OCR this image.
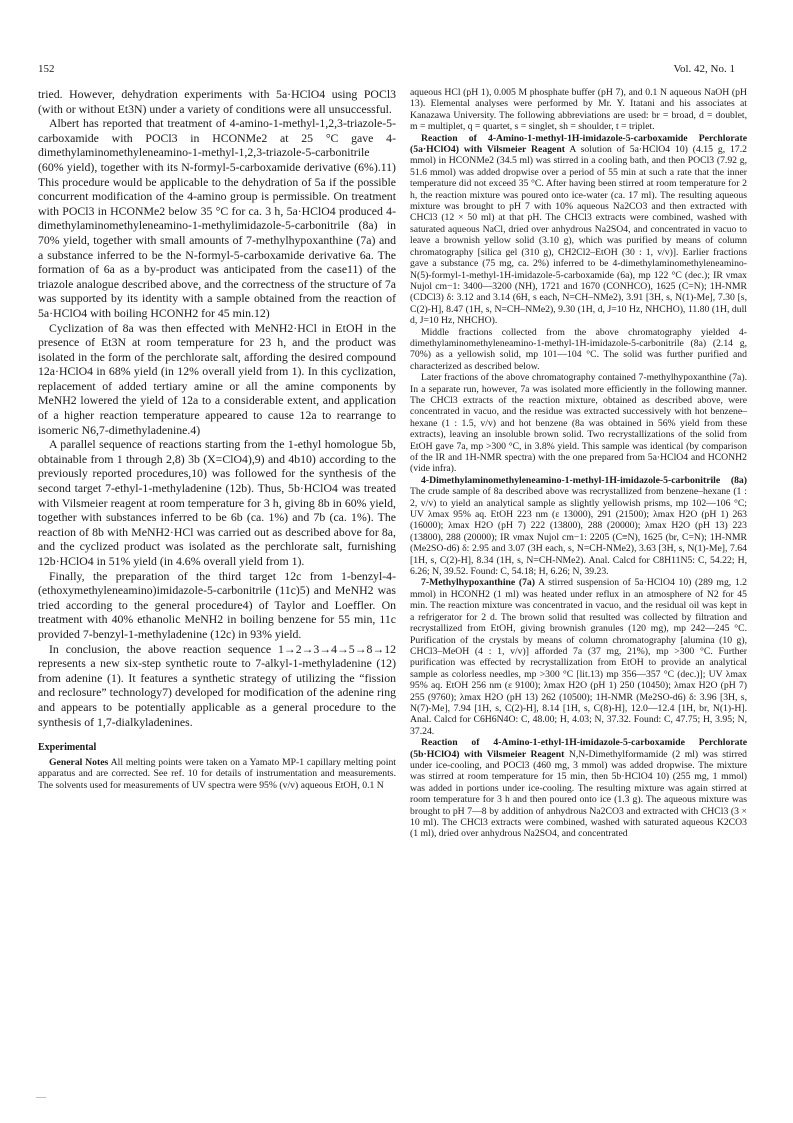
152	Vol. 42, No. 1

tried. However, dehydration experiments with 5a·HClO4 using POCl3 (with or without Et3N) under a variety of conditions were all unsuccessful.

Albert has reported that treatment of 4-amino-1-methyl-1,2,3-triazole-5-carboxamide with POCl3 in HCONMe2 at 25 °C gave 4-dimethylaminomethyleneamino-1-methyl-1,2,3-triazole-5-carbonitrile (60% yield), together with its N-formyl-5-carboxamide derivative (6%).11) This procedure would be applicable to the dehydration of 5a if the possible concurrent modification of the 4-amino group is permissible. On treatment with POCl3 in HCONMe2 below 35 °C for ca. 3 h, 5a·HClO4 produced 4-dimethylaminomethyleneamino-1-methylimidazole-5-carbonitrile (8a) in 70% yield, together with small amounts of 7-methylhypoxanthine (7a) and a substance inferred to be the N-formyl-5-carboxamide derivative 6a. The formation of 6a as a by-product was anticipated from the case11) of the triazole analogue described above, and the correctness of the structure of 7a was supported by its identity with a sample obtained from the reaction of 5a·HClO4 with boiling HCONH2 for 45 min.12)

Cyclization of 8a was then effected with MeNH2·HCl in EtOH in the presence of Et3N at room temperature for 23 h, and the product was isolated in the form of the perchlorate salt, affording the desired compound 12a·HClO4 in 68% yield (in 12% overall yield from 1). In this cyclization, replacement of added tertiary amine or all the amine components by MeNH2 lowered the yield of 12a to a considerable extent, and application of a higher reaction temperature appeared to cause 12a to rearrange to isomeric N6,7-dimethyladenine.4)

A parallel sequence of reactions starting from the 1-ethyl homologue 5b, obtainable from 1 through 2,8) 3b (X=ClO4),9) and 4b10) according to the previously reported procedures,10) was followed for the synthesis of the second target 7-ethyl-1-methyladenine (12b). Thus, 5b·HClO4 was treated with Vilsmeier reagent at room temperature for 3 h, giving 8b in 60% yield, together with substances inferred to be 6b (ca. 1%) and 7b (ca. 1%). The reaction of 8b with MeNH2·HCl was carried out as described above for 8a, and the cyclized product was isolated as the perchlorate salt, furnishing 12b·HClO4 in 51% yield (in 4.6% overall yield from 1).

Finally, the preparation of the third target 12c from 1-benzyl-4-(ethoxymethyleneamino)imidazole-5-carbonitrile (11c)5) and MeNH2 was tried according to the general procedure4) of Taylor and Loeffler. On treatment with 40% ethanolic MeNH2 in boiling benzene for 55 min, 11c provided 7-benzyl-1-methyladenine (12c) in 93% yield.

In conclusion, the above reaction sequence 1→2→3→4→5→8→12 represents a new six-step synthetic route to 7-alkyl-1-methyladenine (12) from adenine (1). It features a synthetic strategy of utilizing the “fission and reclosure” technology7) developed for modification of the adenine ring and appears to be potentially applicable as a general procedure to the synthesis of 1,7-dialkyladenines.

Experimental

General Notes All melting points were taken on a Yamato MP-1 capillary melting point apparatus and are corrected. See ref. 10 for details of instrumentation and measurements. The solvents used for measurements of UV spectra were 95% (v/v) aqueous EtOH, 0.1 N

aqueous HCl (pH 1), 0.005 M phosphate buffer (pH 7), and 0.1 N aqueous NaOH (pH 13). Elemental analyses were performed by Mr. Y. Itatani and his associates at Kanazawa University. The following abbreviations are used: br = broad, d = doublet, m = multiplet, q = quartet, s = singlet, sh = shoulder, t = triplet.

Reaction of 4-Amino-1-methyl-1H-imidazole-5-carboxamide Perchlorate (5a·HClO4) with Vilsmeier Reagent A solution of 5a·HClO4 10) (4.15 g, 17.2 mmol) in HCONMe2 (34.5 ml) was stirred in a cooling bath, and then POCl3 (7.92 g, 51.6 mmol) was added dropwise over a period of 55 min at such a rate that the inner temperature did not exceed 35 °C. After having been stirred at room temperature for 2 h, the reaction mixture was poured onto ice-water (ca. 17 ml). The resulting aqueous mixture was brought to pH 7 with 10% aqueous Na2CO3 and then extracted with CHCl3 (12 × 50 ml) at that pH. The CHCl3 extracts were combined, washed with saturated aqueous NaCl, dried over anhydrous Na2SO4, and concentrated in vacuo to leave a brownish yellow solid (3.10 g), which was purified by means of column chromatography [silica gel (310 g), CH2Cl2–EtOH (30 : 1, v/v)]. Earlier fractions gave a substance (75 mg, ca. 2%) inferred to be 4-dimethylaminomethyleneamino-N(5)-formyl-1-methyl-1H-imidazole-5-carboxamide (6a), mp 122 °C (dec.); IR νmax Nujol cm−1: 3400—3200 (NH), 1721 and 1670 (CONHCO), 1625 (C=N); 1H-NMR (CDCl3) δ: 3.12 and 3.14 (6H, s each, N=CH–NMe2), 3.91 [3H, s, N(1)-Me], 7.30 [s, C(2)-H], 8.47 (1H, s, N=CH–NMe2), 9.30 (1H, d, J=10 Hz, NHCHO), 11.80 (1H, dull d, J=10 Hz, NHCHO).

Middle fractions collected from the above chromatography yielded 4-dimethylaminomethyleneamino-1-methyl-1H-imidazole-5-carbonitrile (8a) (2.14 g, 70%) as a yellowish solid, mp 101—104 °C. The solid was further purified and characterized as described below.

Later fractions of the above chromatography contained 7-methylhypoxanthine (7a). In a separate run, however, 7a was isolated more efficiently in the following manner. The CHCl3 extracts of the reaction mixture, obtained as described above, were concentrated in vacuo, and the residue was extracted successively with hot benzene–hexane (1 : 1.5, v/v) and hot benzene (8a was obtained in 56% yield from these extracts), leaving an insoluble brown solid. Two recrystallizations of the solid from EtOH gave 7a, mp >300 °C, in 3.8% yield. This sample was identical (by comparison of the IR and 1H-NMR spectra) with the one prepared from 5a·HClO4 and HCONH2 (vide infra).

4-Dimethylaminomethyleneamino-1-methyl-1H-imidazole-5-carbonitrile (8a) The crude sample of 8a described above was recrystallized from benzene–hexane (1 : 2, v/v) to yield an analytical sample as slightly yellowish prisms, mp 102—106 °C; UV λmax 95% aq. EtOH 223 nm (ε 13000), 291 (21500); λmax H2O (pH 1) 263 (16000); λmax H2O (pH 7) 222 (13800), 288 (20000); λmax H2O (pH 13) 223 (13800), 288 (20000); IR νmax Nujol cm−1: 2205 (C≡N), 1625 (br, C=N); 1H-NMR (Me2SO-d6) δ: 2.95 and 3.07 (3H each, s, N=CH-NMe2), 3.63 [3H, s, N(1)-Me], 7.64 [1H, s, C(2)-H], 8.34 (1H, s, N=CH-NMe2). Anal. Calcd for C8H11N5: C, 54.22; H, 6.26; N, 39.52. Found: C, 54.18; H, 6.26; N, 39.23.

7-Methylhypoxanthine (7a) A stirred suspension of 5a·HClO4 10) (289 mg, 1.2 mmol) in HCONH2 (1 ml) was heated under reflux in an atmosphere of N2 for 45 min. The reaction mixture was concentrated in vacuo, and the residual oil was kept in a refrigerator for 2 d. The brown solid that resulted was collected by filtration and recrystallized from EtOH, giving brownish granules (120 mg), mp 242—245 °C. Purification of the crystals by means of column chromatography [alumina (10 g), CHCl3–MeOH (4 : 1, v/v)] afforded 7a (37 mg, 21%), mp >300 °C. Further purification was effected by recrystallization from EtOH to provide an analytical sample as colorless needles, mp >300 °C [lit.13) mp 356—357 °C (dec.)]; UV λmax 95% aq. EtOH 256 nm (ε 9100); λmax H2O (pH 1) 250 (10450); λmax H2O (pH 7) 255 (9760); λmax H2O (pH 13) 262 (10500); 1H-NMR (Me2SO-d6) δ: 3.96 [3H, s, N(7)-Me], 7.94 [1H, s, C(2)-H], 8.14 [1H, s, C(8)-H], 12.0—12.4 [1H, br, N(1)-H]. Anal. Calcd for C6H6N4O: C, 48.00; H, 4.03; N, 37.32. Found: C, 47.75; H, 3.95; N, 37.24.

Reaction of 4-Amino-1-ethyl-1H-imidazole-5-carboxamide Perchlorate (5b·HClO4) with Vilsmeier Reagent N,N-Dimethylformamide (2 ml) was stirred under ice-cooling, and POCl3 (460 mg, 3 mmol) was added dropwise. The mixture was stirred at room temperature for 15 min, then 5b·HClO4 10) (255 mg, 1 mmol) was added in portions under ice-cooling. The resulting mixture was again stirred at room temperature for 3 h and then poured onto ice (1.3 g). The aqueous mixture was brought to pH 7—8 by addition of anhydrous Na2CO3 and extracted with CHCl3 (3 × 10 ml). The CHCl3 extracts were combined, washed with saturated aqueous K2CO3 (1 ml), dried over anhydrous Na2SO4, and concentrated

—
